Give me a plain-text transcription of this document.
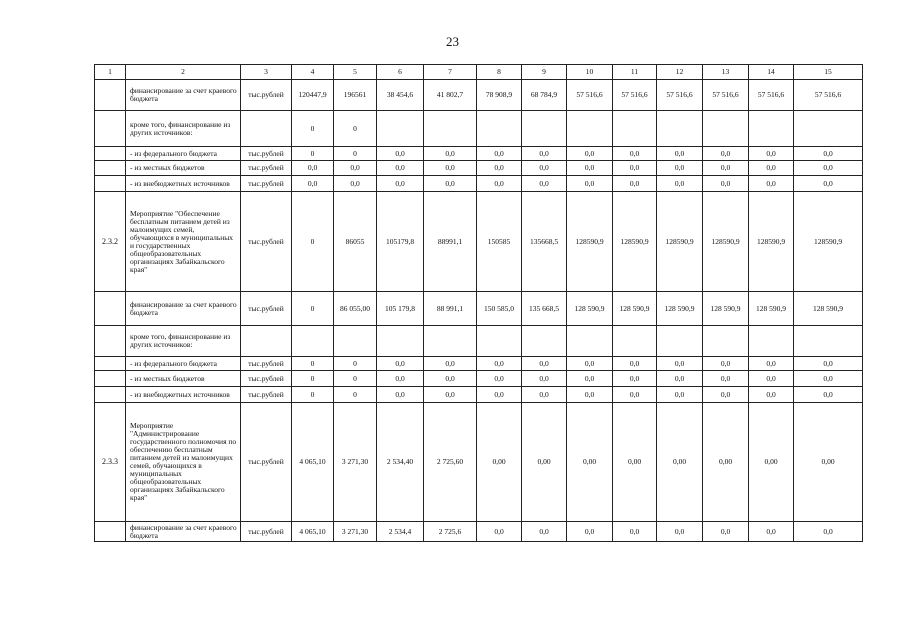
23
1	2	3	4	5	6	7	8	9	10	11	12	13	14	15
	финансирование за счет краевого бюджета	тыс.рублей	120447,9	196561	38 454,6	41 802,7	78 908,9	68 784,9	57 516,6	57 516,6	57 516,6	57 516,6	57 516,6	57 516,6
	кроме того, финансирование из других источников:		0	0										
	- из федерального бюджета	тыс.рублей	0	0	0,0	0,0	0,0	0,0	0,0	0,0	0,0	0,0	0,0	0,0
	- из местных бюджетов	тыс.рублей	0,0	0,0	0,0	0,0	0,0	0,0	0,0	0,0	0,0	0,0	0,0	0,0
	- из внебюджетных источников	тыс.рублей	0,0	0,0	0,0	0,0	0,0	0,0	0,0	0,0	0,0	0,0	0,0	0,0
2.3.2	Мероприятие "Обеспечение бесплатным питанием детей из малоимущих семей, обучающихся в муниципальных и государственных общеобразовательных организациях Забайкальского края"	тыс.рублей	0	86055	105179,8	88991,1	150585	135668,5	128590,9	128590,9	128590,9	128590,9	128590,9	128590,9
	финансирование за счет краевого бюджета	тыс.рублей	0	86 055,00	105 179,8	88 991,1	150 585,0	135 668,5	128 590,9	128 590,9	128 590,9	128 590,9	128 590,9	128 590,9
	кроме того, финансирование из других источников:													
	- из федерального бюджета	тыс.рублей	0	0	0,0	0,0	0,0	0,0	0,0	0,0	0,0	0,0	0,0	0,0
	- из местных бюджетов	тыс.рублей	0	0	0,0	0,0	0,0	0,0	0,0	0,0	0,0	0,0	0,0	0,0
	- из внебюджетных источников	тыс.рублей	0	0	0,0	0,0	0,0	0,0	0,0	0,0	0,0	0,0	0,0	0,0
2.3.3	Мероприятие "Администрирование государственного полномочия по обеспечению бесплатным питанием детей из малоимущих семей, обучающихся в муниципальных общеобразовательных организациях Забайкальского края"	тыс.рублей	4 065,10	3 271,30	2 534,40	2 725,60	0,00	0,00	0,00	0,00	0,00	0,00	0,00	0,00
	финансирование за счет краевого бюджета	тыс.рублей	4 065,10	3 271,30	2 534,4	2 725,6	0,0	0,0	0,0	0,0	0,0	0,0	0,0	0,0
